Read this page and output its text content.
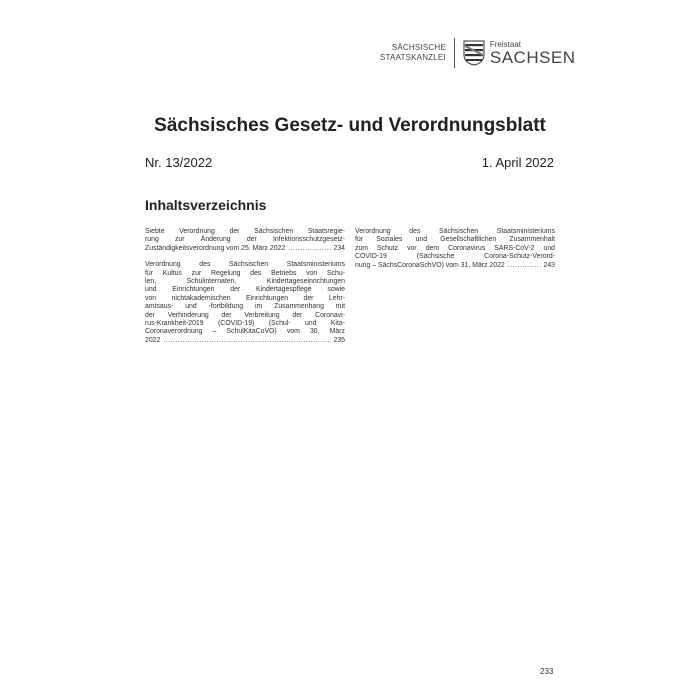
SÄCHSISCHE
STAATSKANZLEI
Freistaat
SACHSEN
Sächsisches Gesetz- und Verordnungsblatt
Nr. 13/2022	1. April 2022
Inhaltsverzeichnis
Siebte Verordnung der Sächsischen Staatsregie-
rung zur Änderung der Infektionsschutzgesetz-
Zuständigkeitsverordnung vom 25. März 2022 .....	234
Verordnung des Sächsischen Staatsministeriums
für Kultus zur Regelung des Betriebs von Schu-
len, Schulinternaten, Kindertageseinrichtungen
und Einrichtungen der Kindertagespflege sowie
von nichtakademischen Einrichtungen der Lehr-
amtsaus- und -fortbildung im Zusammenhang mit
der Verhinderung der Verbreitung der Coronavi-
rus-Krankheit-2019 (COVID-19) (Schul- und Kita-
Coronaverordnung – SchulKitaCoVO) vom 30. März
2022 .....	235
Verordnung des Sächsischen Staatsministeriums
für Soziales und Gesellschaftlichen Zusammenhalt
zum Schutz vor dem Coronavirus SARS-CoV-2 und
COVID-19 (Sächsische Corona-Schutz-Verord-
nung – SächsCoronaSchVO) vom 31. März 2022 .....	243
233
